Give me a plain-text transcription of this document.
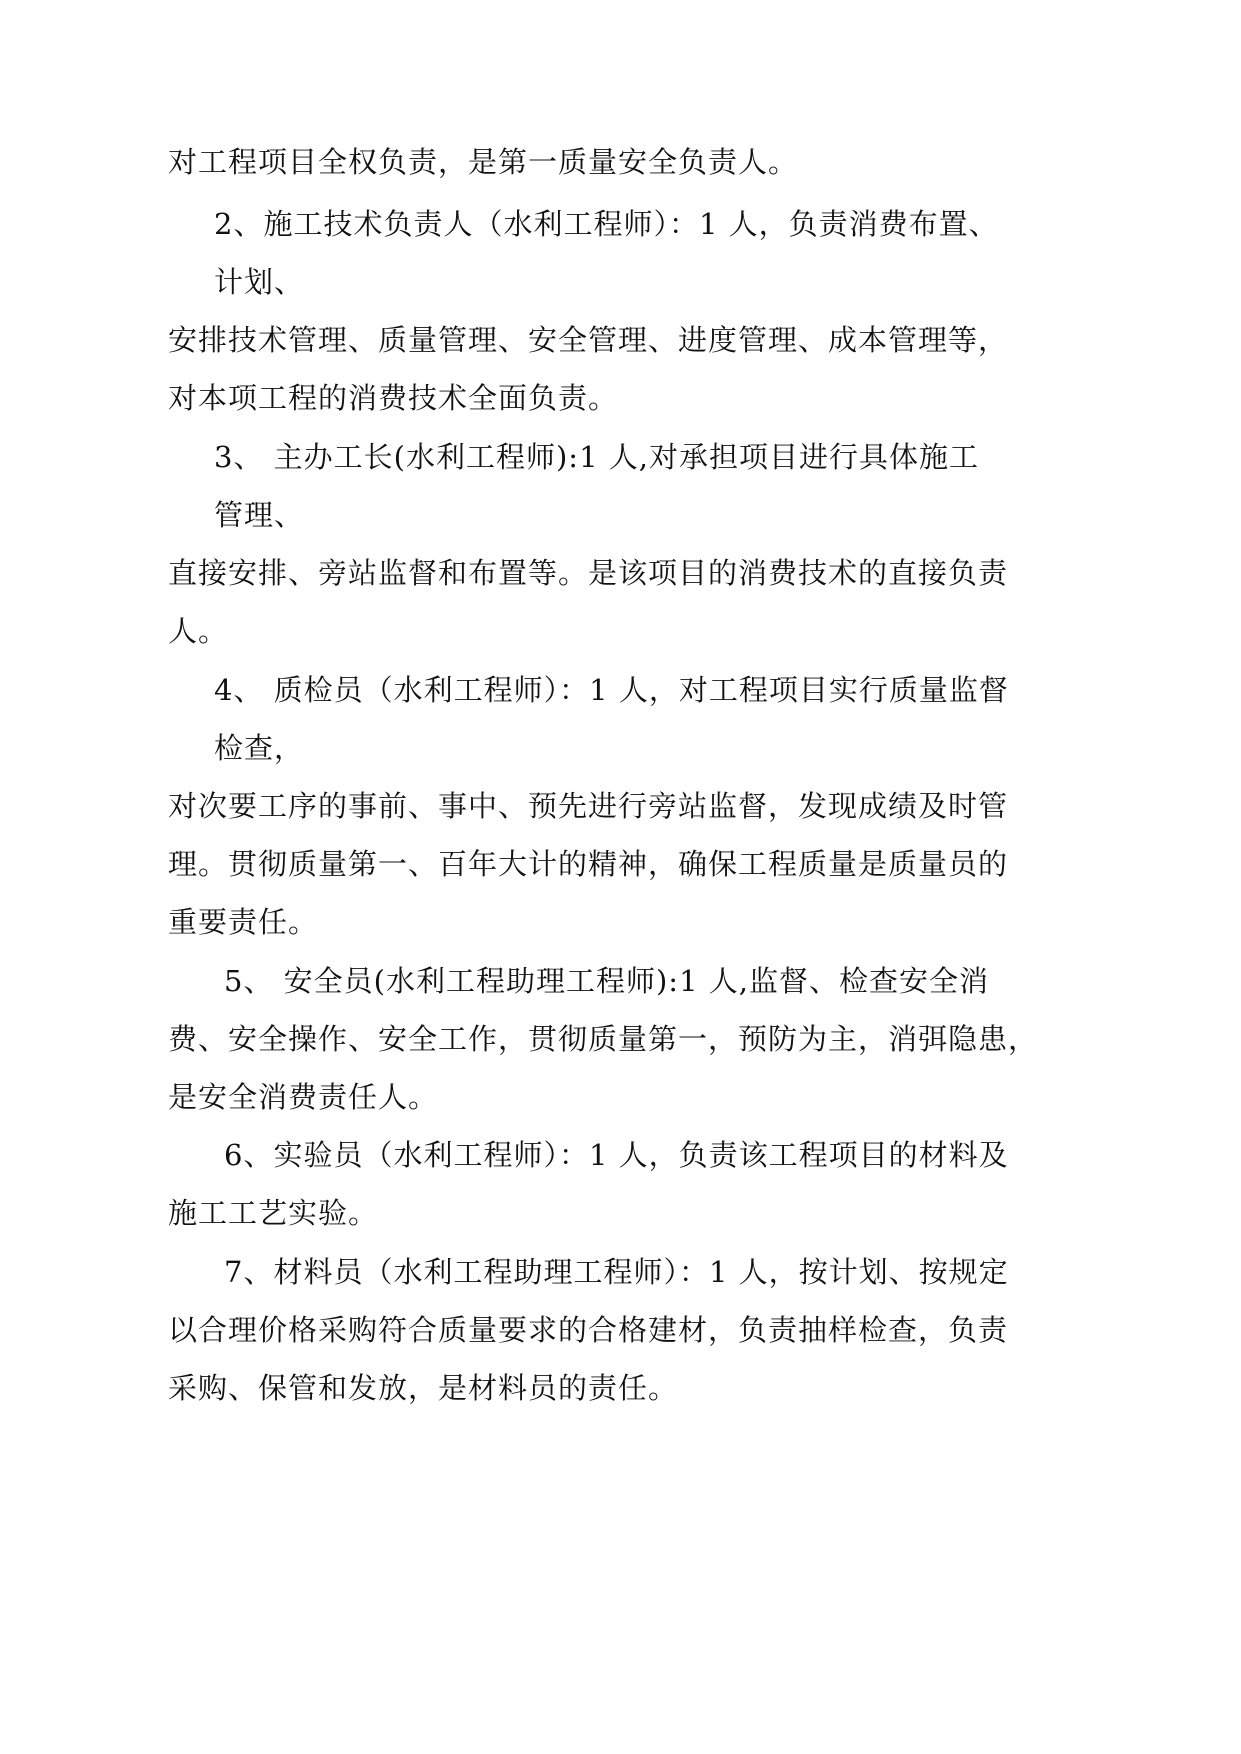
对工程项目全权负责，是第一质量安全负责人。
2、施工技术负责人（水利工程师）：1 人，负责消费布置、
计划、
安排技术管理、质量管理、安全管理、进度管理、成本管理等，
对本项工程的消费技术全面负责。
3、 主办工长(水利工程师):1 人,对承担项目进行具体施工
管理、
直接安排、旁站监督和布置等。是该项目的消费技术的直接负责
人。
4、 质检员（水利工程师）：1 人，对工程项目实行质量监督
检查，
对次要工序的事前、事中、预先进行旁站监督，发现成绩及时管
理。贯彻质量第一、百年大计的精神，确保工程质量是质量员的
重要责任。
5、 安全员(水利工程助理工程师):1 人,监督、检查安全消
费、安全操作、安全工作，贯彻质量第一，预防为主，消弭隐患，
是安全消费责任人。
6、实验员（水利工程师）：1 人，负责该工程项目的材料及
施工工艺实验。
7、材料员（水利工程助理工程师）：1 人，按计划、按规定
以合理价格采购符合质量要求的合格建材，负责抽样检查，负责
采购、保管和发放，是材料员的责任。
